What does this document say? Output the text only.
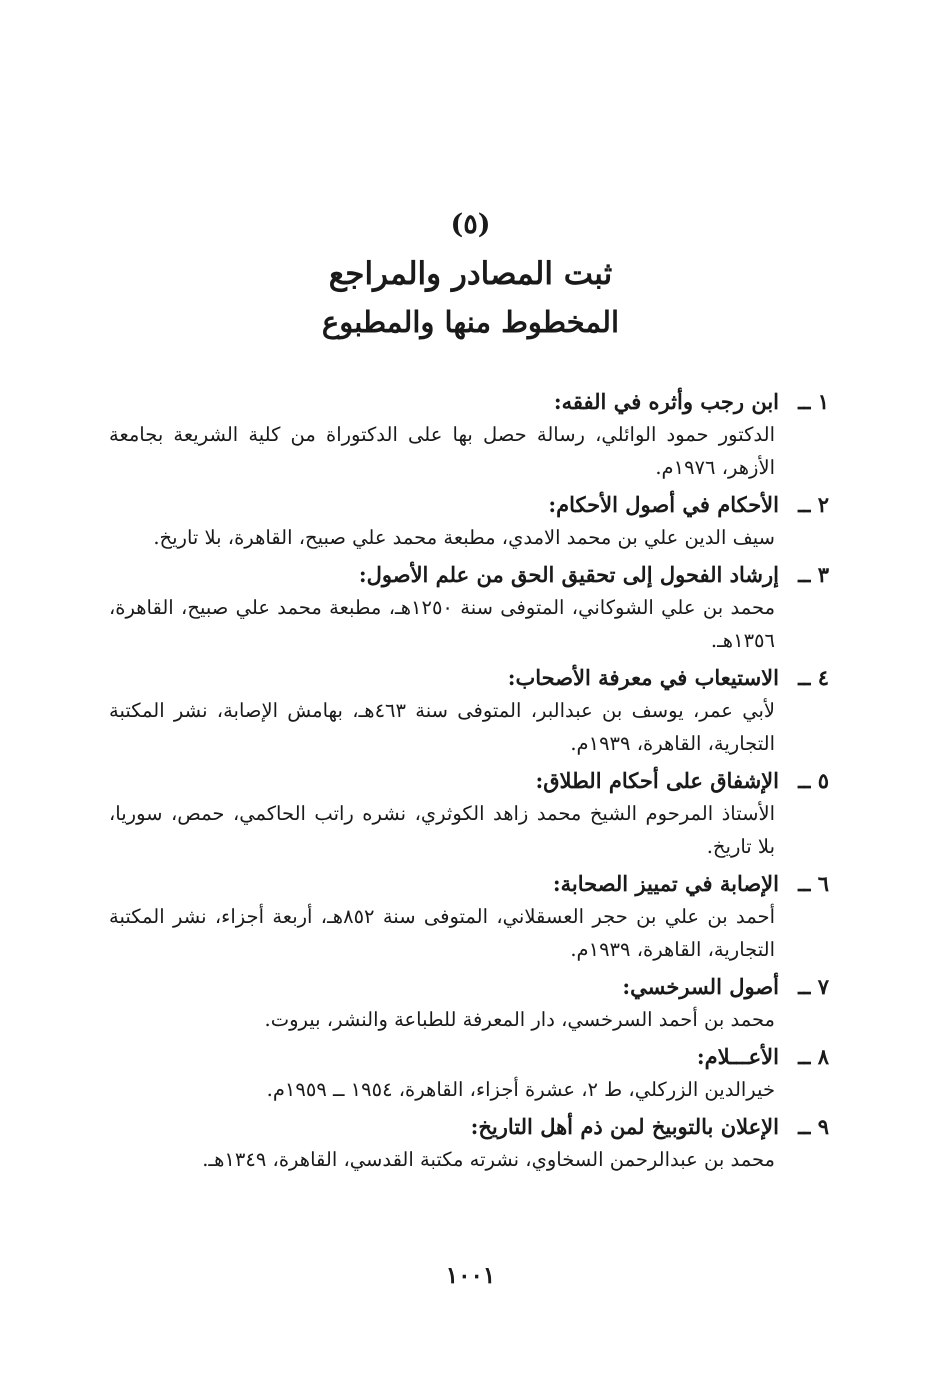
(٥)
ثبت المصادر والمراجع
المخطوط منها والمطبوع
١ ــ
ابن رجب وأثره في الفقه:
الدكتور حمود الوائلي، رسالة حصل بها على الدكتوراة من كلية الشريعة بجامعة الأزهر، ١٩٧٦م.
٢ ــ
الأحكام في أصول الأحكام:
سيف الدين علي بن محمد الامدي، مطبعة محمد علي صبيح، القاهرة، بلا تاريخ.
٣ ــ
إرشاد الفحول إلى تحقيق الحق من علم الأصول:
محمد بن علي الشوكاني، المتوفى سنة ١٢٥٠هـ، مطبعة محمد علي صبيح، القاهرة، ١٣٥٦هـ.
٤ ــ
الاستيعاب في معرفة الأصحاب:
لأبي عمر، يوسف بن عبدالبر، المتوفى سنة ٤٦٣هـ، بهامش الإصابة، نشر المكتبة التجارية، القاهرة، ١٩٣٩م.
٥ ــ
الإشفاق على أحكام الطلاق:
الأستاذ المرحوم الشيخ محمد زاهد الكوثري، نشره راتب الحاكمي، حمص، سوريا، بلا تاريخ.
٦ ــ
الإصابة في تمييز الصحابة:
أحمد بن علي بن حجر العسقلاني، المتوفى سنة ٨٥٢هـ، أربعة أجزاء، نشر المكتبة التجارية، القاهرة، ١٩٣٩م.
٧ ــ
أصول السرخسي:
محمد بن أحمد السرخسي، دار المعرفة للطباعة والنشر، بيروت.
٨ ــ
الأعـــلام:
خيرالدين الزركلي، ط ٢، عشرة أجزاء، القاهرة، ١٩٥٤ ــ ١٩٥٩م.
٩ ــ
الإعلان بالتوبيخ لمن ذم أهل التاريخ:
محمد بن عبدالرحمن السخاوي، نشرته مكتبة القدسي، القاهرة، ١٣٤٩هـ.
١٠٠١
